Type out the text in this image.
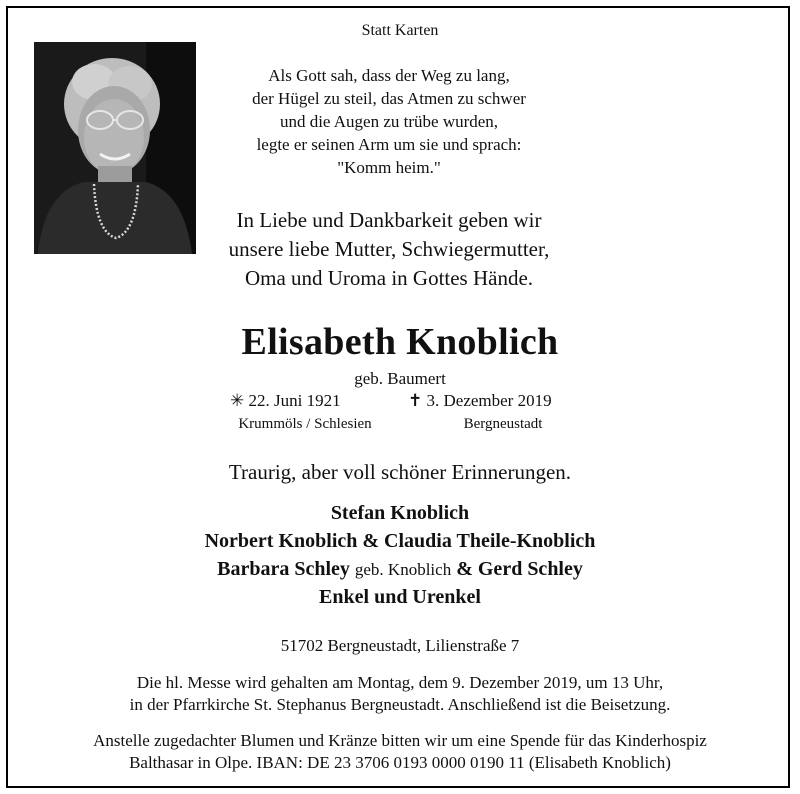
Statt Karten
Als Gott sah, dass der Weg zu lang,
der Hügel zu steil, das Atmen zu schwer
und die Augen zu trübe wurden,
legte er seinen Arm um sie und sprach:
"Komm heim."
In Liebe und Dankbarkeit geben wir
unsere liebe Mutter, Schwiegermutter,
Oma und Uroma in Gottes Hände.
Elisabeth Knoblich
geb. Baumert
✳ 22. Juni 1921	✝ 3. Dezember 2019
Krummöls / Schlesien	Bergneustadt
Traurig, aber voll schöner Erinnerungen.
Stefan Knoblich
Norbert Knoblich & Claudia Theile-Knoblich
Barbara Schley geb. Knoblich & Gerd Schley
Enkel und Urenkel
51702 Bergneustadt, Lilienstraße 7
Die hl. Messe wird gehalten am Montag, dem 9. Dezember 2019, um 13 Uhr,
in der Pfarrkirche St. Stephanus Bergneustadt. Anschließend ist die Beisetzung.
Anstelle zugedachter Blumen und Kränze bitten wir um eine Spende für das Kinderhospiz
Balthasar in Olpe. IBAN: DE 23 3706 0193 0000 0190 11 (Elisabeth Knoblich)
